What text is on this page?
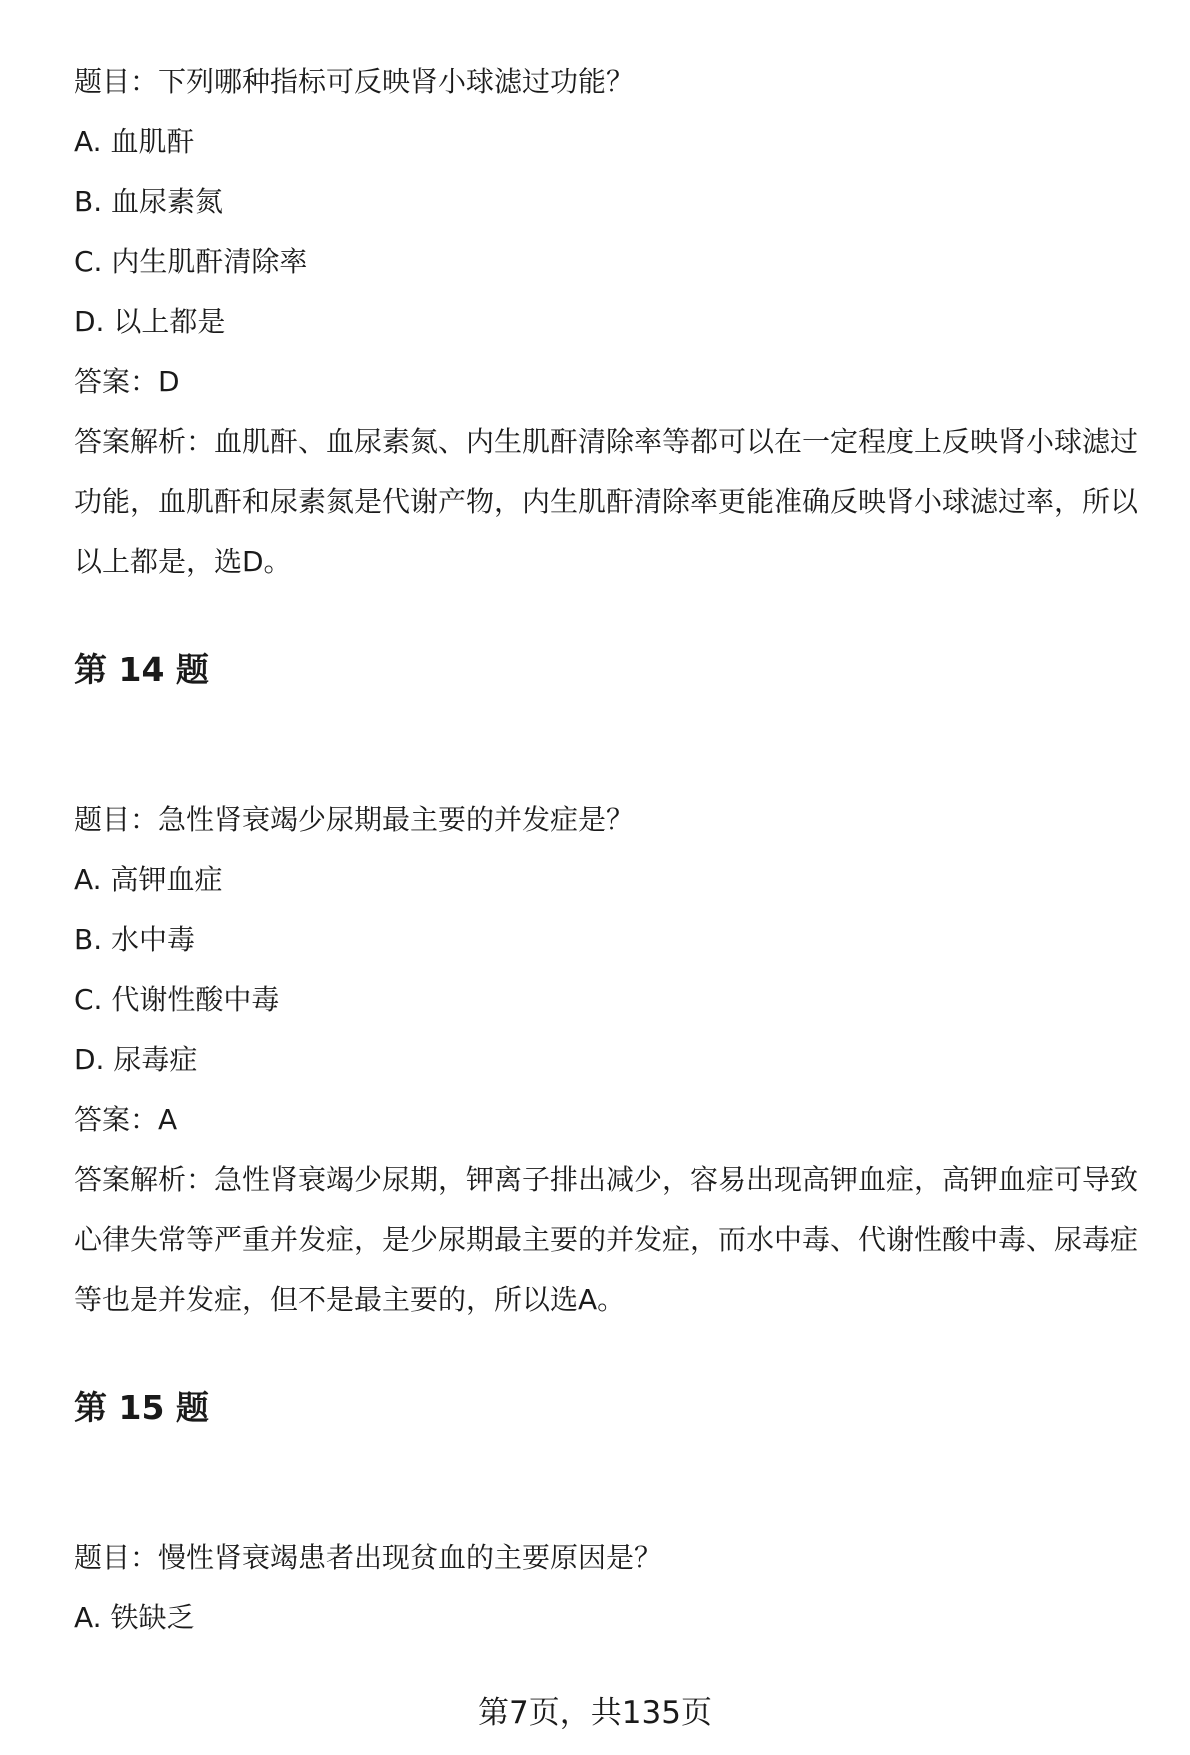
题目：下列哪种指标可反映肾小球滤过功能？
A. 血肌酐
B. 血尿素氮
C. 内生肌酐清除率
D. 以上都是
答案：D
答案解析：血肌酐、血尿素氮、内生肌酐清除率等都可以在一定程度上反映肾小球滤过功能，血肌酐和尿素氮是代谢产物，内生肌酐清除率更能准确反映肾小球滤过率，所以以上都是，选D。
第 14 题
题目：急性肾衰竭少尿期最主要的并发症是？
A. 高钾血症
B. 水中毒
C. 代谢性酸中毒
D. 尿毒症
答案：A
答案解析：急性肾衰竭少尿期，钾离子排出减少，容易出现高钾血症，高钾血症可导致心律失常等严重并发症，是少尿期最主要的并发症，而水中毒、代谢性酸中毒、尿毒症等也是并发症，但不是最主要的，所以选A。
第 15 题
题目：慢性肾衰竭患者出现贫血的主要原因是？
A. 铁缺乏
第7页，共135页
